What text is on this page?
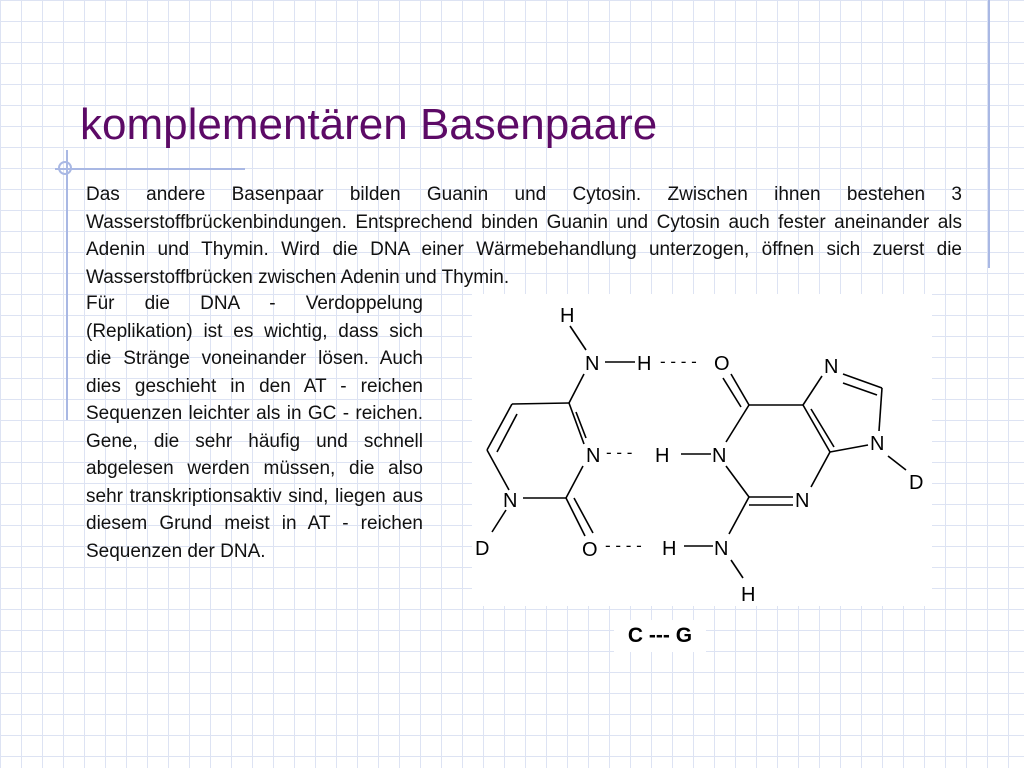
komplementären Basenpaare

Das andere Basenpaar bilden Guanin und Cytosin. Zwischen ihnen bestehen 3 Wasserstoffbrückenbindungen. Entsprechend binden Guanin und Cytosin auch fester aneinander als Adenin und Thymin. Wird die DNA einer Wärmebehandlung unterzogen, öffnen sich zuerst die Wasserstoffbrücken zwischen Adenin und Thymin.

Für die DNA - Verdoppelung (Replikation) ist es wichtig, dass sich die Stränge voneinander lösen. Auch dies geschieht in den AT - reichen Sequenzen leichter als in GC - reichen. Gene, die sehr häufig und schnell abgelesen werden müssen, die also sehr transkriptionsaktiv sind, liegen aus diesem Grund meist in AT - reichen Sequenzen der DNA.

H
N H
N
N
O
D
O
N
H
N
N
H
H
N
N
D
- - - -
- - -
- - - -
C --- G
